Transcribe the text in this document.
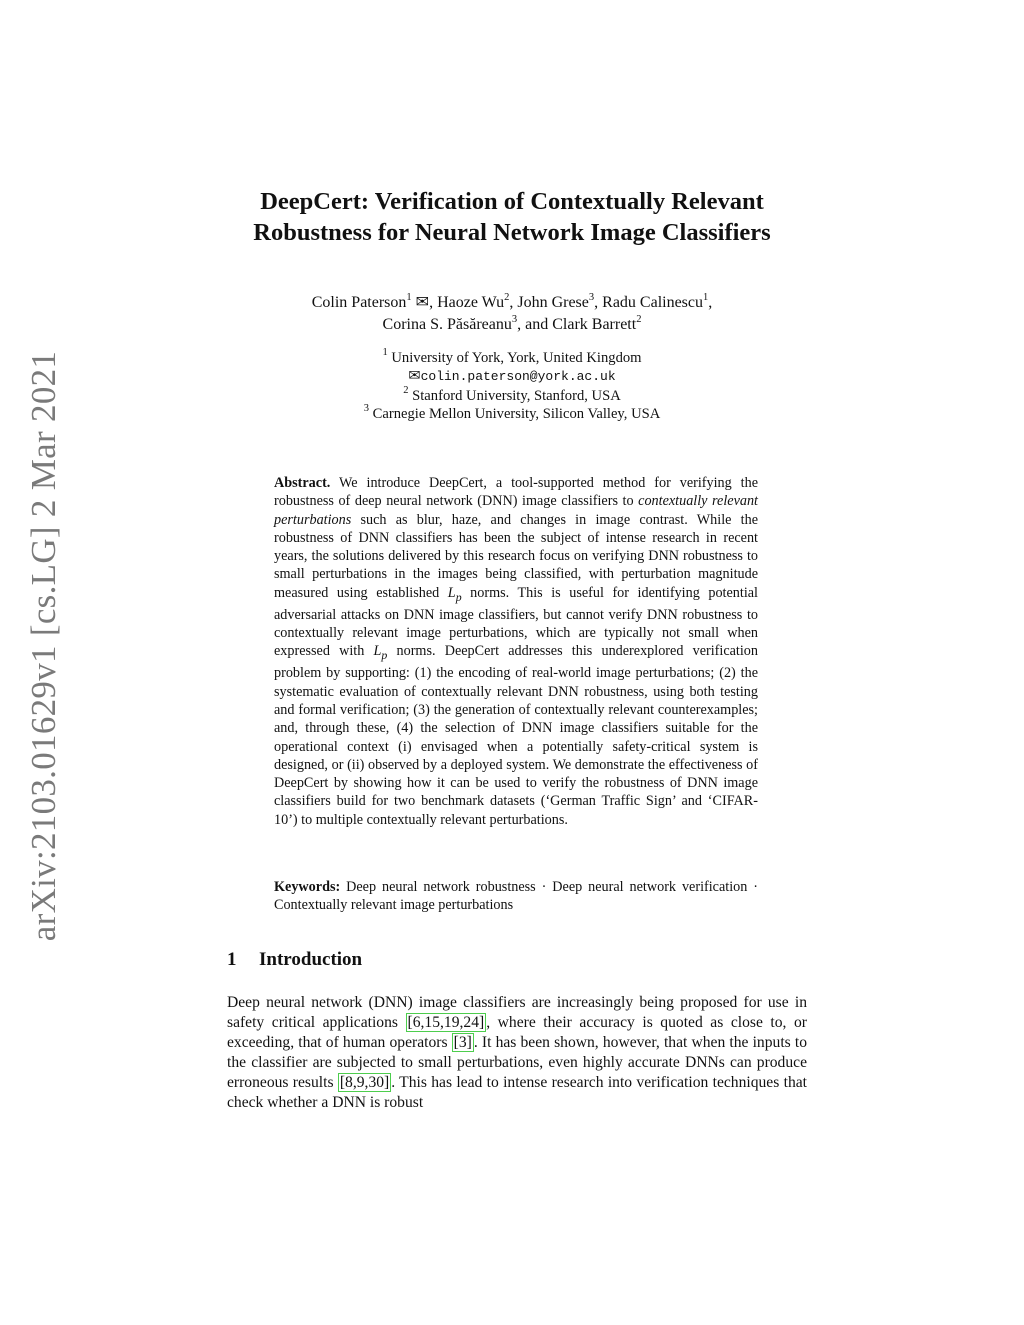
arXiv:2103.01629v1 [cs.LG] 2 Mar 2021
DeepCert: Verification of Contextually Relevant
Robustness for Neural Network Image Classifiers
Colin Paterson$^1$ ✉, Haoze Wu$^2$, John Grese$^3$, Radu Calinescu$^1$,
Corina S. Păsăreanu$^3$, and Clark Barrett$^2$
$^1$ University of York, York, United Kingdom
✉colin.paterson@york.ac.uk
$^2$ Stanford University, Stanford, USA
$^3$ Carnegie Mellon University, Silicon Valley, USA
Abstract. We introduce DeepCert, a tool-supported method for verifying the robustness of deep neural network (DNN) image classifiers to contextually relevant perturbations such as blur, haze, and changes in image contrast. While the robustness of DNN classifiers has been the subject of intense research in recent years, the solutions delivered by this research focus on verifying DNN robustness to small perturbations in the images being classified, with perturbation magnitude measured using established $L_p$ norms. This is useful for identifying potential adversarial attacks on DNN image classifiers, but cannot verify DNN robustness to contextually relevant image perturbations, which are typically not small when expressed with $L_p$ norms. DeepCert addresses this underexplored verification problem by supporting: (1) the encoding of real-world image perturbations; (2) the systematic evaluation of contextually relevant DNN robustness, using both testing and formal verification; (3) the generation of contextually relevant counterexamples; and, through these, (4) the selection of DNN image classifiers suitable for the operational context (i) envisaged when a potentially safety-critical system is designed, or (ii) observed by a deployed system. We demonstrate the effectiveness of DeepCert by showing how it can be used to verify the robustness of DNN image classifiers build for two benchmark datasets (‘German Traffic Sign’ and ‘CIFAR-10’) to multiple contextually relevant perturbations.
Keywords: Deep neural network robustness · Deep neural network verification · Contextually relevant image perturbations
1 Introduction
Deep neural network (DNN) image classifiers are increasingly being proposed for use in safety critical applications [6,15,19,24] , where their accuracy is quoted as close to, or exceeding, that of human operators [3] . It has been shown, however, that when the inputs to the classifier are subjected to small perturbations, even highly accurate DNNs can produce erroneous results [8,9,30] . This has lead to intense research into verification techniques that check whether a DNN is robust
